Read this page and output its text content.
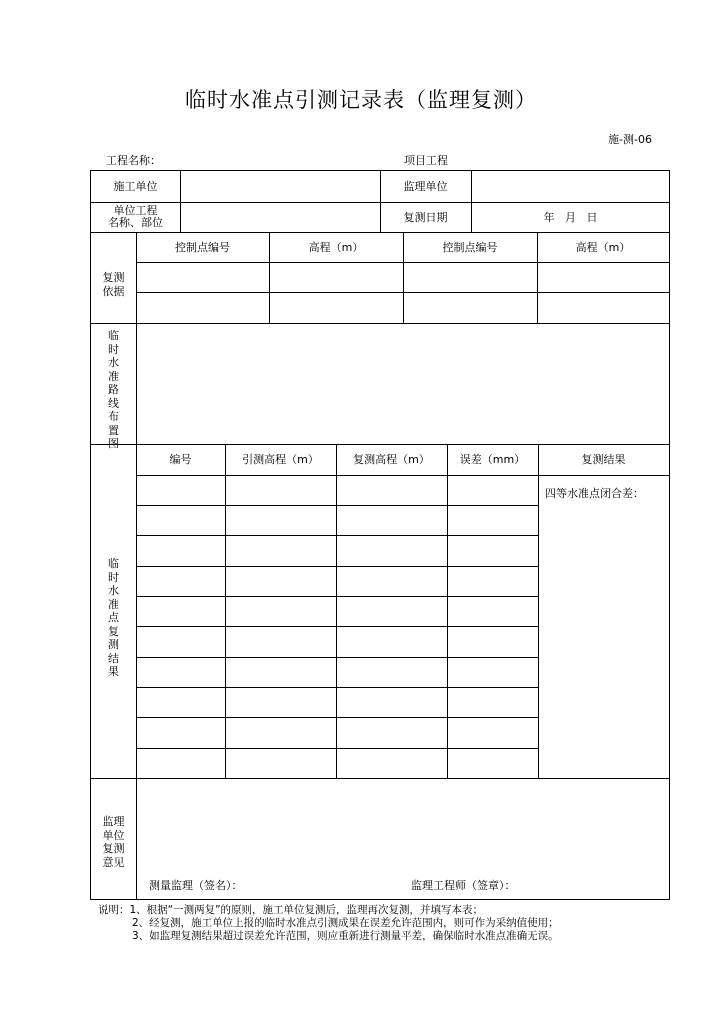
临时水准点引测记录表（监理复测）
施-测-06
工程名称：	项目工程
施工单位	监理单位
单位工程
名称、部位	复测日期	年   月   日
复测
依据
控制点编号	高程（m）	控制点编号	高程（m）
临
时
水
准
路
线
布
置
图
临
时
水
准
点
复
测
结
果
编号	引测高程（m）	复测高程（m）	误差（mm）	复测结果
四等水准点闭合差：
监理
单位
复测
意见
测量监理（签名）：	监理工程师（签章）：
说明：1、根据“一测两复”的原则，施工单位复测后，监理再次复测，并填写本表；
2、经复测，施工单位上报的临时水准点引测成果在误差允许范围内，则可作为采纳值使用；
3、如监理复测结果超过误差允许范围，则应重新进行测量平差，确保临时水准点准确无误。
